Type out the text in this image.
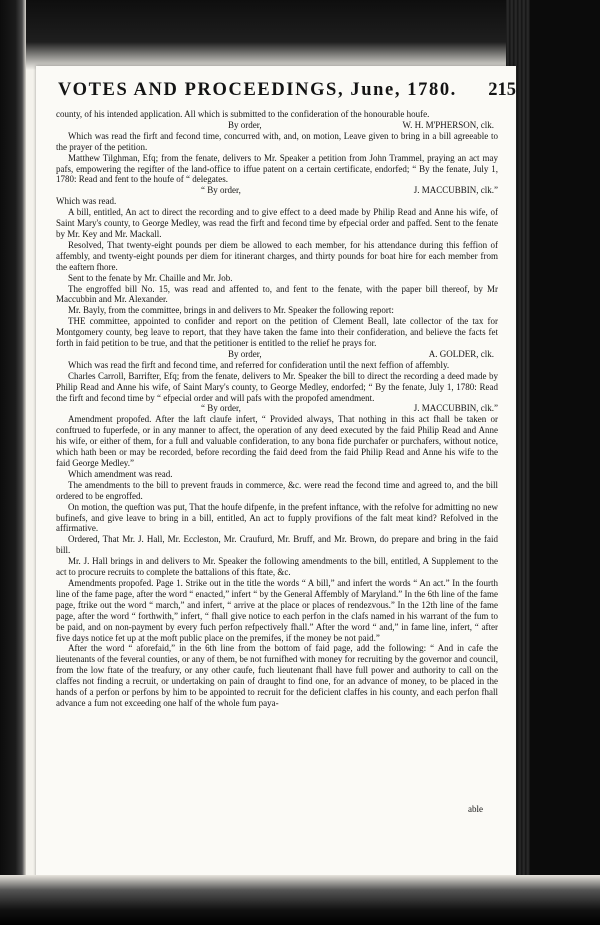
VOTES AND PROCEEDINGS, June, 1780. 215

county, of his intended application. All which is submitted to the confideration of the honourable houfe.

By order,	W. H. M'PHERSON, clk.

Which was read the firft and fecond time, concurred with, and, on motion, Leave given to bring in a bill agreeable to the prayer of the petition.

Matthew Tilghman, Efq; from the fenate, delivers to Mr. Speaker a petition from John Trammel, praying an act may pafs, empowering the regifter of the land-office to iffue patent on a certain certificate, endorfed; “ By the fenate, July 1, 1780: Read and fent to the houfe of “ delegates.

“ By order,	J. MACCUBBIN, clk.”

Which was read.

A bill, entitled, An act to direct the recording and to give effect to a deed made by Philip Read and Anne his wife, of Saint Mary's county, to George Medley, was read the firft and fecond time by efpecial order and paffed. Sent to the fenate by Mr. Key and Mr. Mackall.

Resolved, That twenty-eight pounds per diem be allowed to each member, for his attendance during this feffion of affembly, and twenty-eight pounds per diem for itinerant charges, and thirty pounds for boat hire for each member from the eaftern fhore.

Sent to the fenate by Mr. Chaille and Mr. Job.

The engroffed bill No. 15, was read and affented to, and fent to the fenate, with the paper bill thereof, by Mr Maccubbin and Mr. Alexander.

Mr. Bayly, from the committee, brings in and delivers to Mr. Speaker the following report:

THE committee, appointed to confider and report on the petition of Clement Beall, late collector of the tax for Montgomery county, beg leave to report, that they have taken the fame into their confideration, and believe the facts fet forth in faid petition to be true, and that the petitioner is entitled to the relief he prays for.

By order,	A. GOLDER, clk.

Which was read the firft and fecond time, and referred for confideration until the next feffion of affembly.

Charles Carroll, Barrifter, Efq; from the fenate, delivers to Mr. Speaker the bill to direct the recording a deed made by Philip Read and Anne his wife, of Saint Mary's county, to George Medley, endorfed; “ By the fenate, July 1, 1780: Read the firft and fecond time by “ efpecial order and will pafs with the propofed amendment.

“ By order,	J. MACCUBBIN, clk.”

Amendment propofed. After the laft claufe infert, “ Provided always, That nothing in this act fhall be taken or conftrued to fuperfede, or in any manner to affect, the operation of any deed executed by the faid Philip Read and Anne his wife, or either of them, for a full and valuable confideration, to any bona fide purchafer or purchafers, without notice, which hath been or may be recorded, before recording the faid deed from the faid Philip Read and Anne his wife to the faid George Medley.”

Which amendment was read.

The amendments to the bill to prevent frauds in commerce, &c. were read the fecond time and agreed to, and the bill ordered to be engroffed.

On motion, the queftion was put, That the houfe difpenfe, in the prefent inftance, with the refolve for admitting no new bufinefs, and give leave to bring in a bill, entitled, An act to fupply provifions of the falt meat kind? Refolved in the affirmative.

Ordered, That Mr. J. Hall, Mr. Eccleston, Mr. Craufurd, Mr. Bruff, and Mr. Brown, do prepare and bring in the faid bill.

Mr. J. Hall brings in and delivers to Mr. Speaker the following amendments to the bill, entitled, A Supplement to the act to procure recruits to complete the battalions of this ftate, &c.

Amendments propofed. Page 1. Strike out in the title the words “ A bill,” and infert the words “ An act.” In the fourth line of the fame page, after the word “ enacted,” infert “ by the General Affembly of Maryland.” In the 6th line of the fame page, ftrike out the word “ march,” and infert, “ arrive at the place or places of rendezvous.” In the 12th line of the fame page, after the word “ forthwith,” infert, “ fhall give notice to each perfon in the clafs named in his warrant of the fum to be paid, and on non-payment by every fuch perfon refpectively fhall.” After the word “ and,” in fame line, infert, “ after five days notice fet up at the moft public place on the premifes, if the money be not paid.”

After the word “ aforefaid,” in the 6th line from the bottom of faid page, add the following: “ And in cafe the lieutenants of the feveral counties, or any of them, be not furnifhed with money for recruiting by the governor and council, from the low ftate of the treafury, or any other caufe, fuch lieutenant fhall have full power and authority to call on the claffes not finding a recruit, or undertaking on pain of draught to find one, for an advance of money, to be placed in the hands of a perfon or perfons by him to be appointed to recruit for the deficient claffes in his county, and each perfon fhall advance a fum not exceeding one half of the whole fum paya-

able
